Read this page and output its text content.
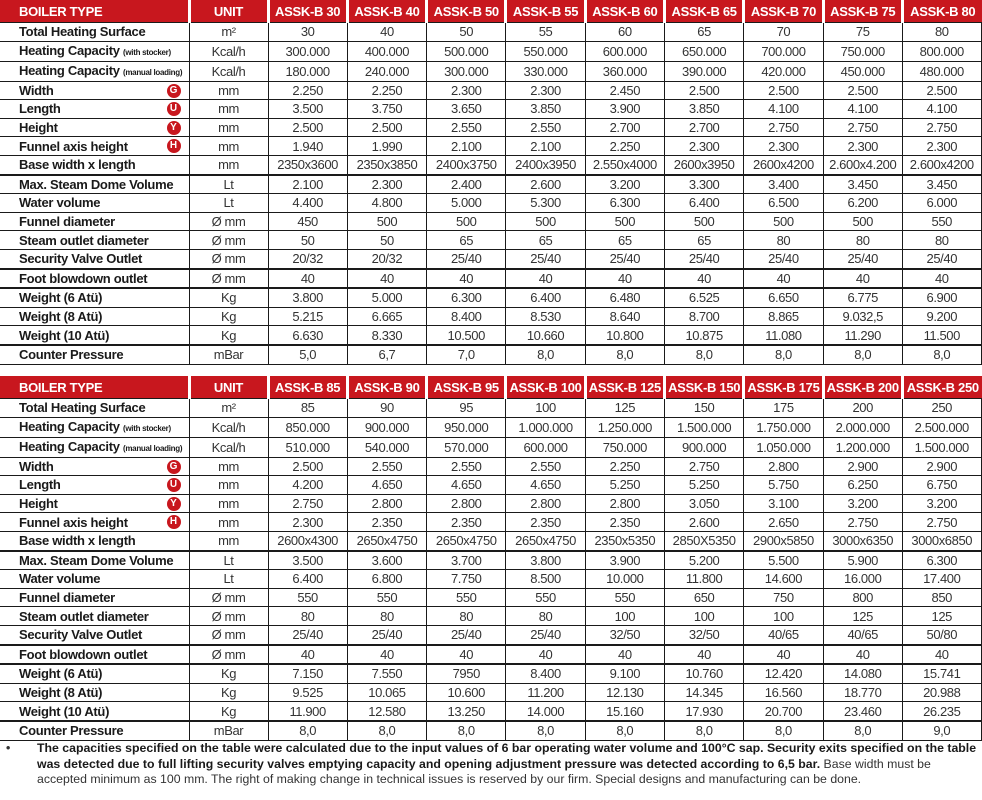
BOILER TYPE	UNIT	ASSK-B 30	ASSK-B 40	ASSK-B 50	ASSK-B 55	ASSK-B 60	ASSK-B 65	ASSK-B 70	ASSK-B 75	ASSK-B 80
Total Heating Surface	m²	30	40	50	55	60	65	70	75	80
Heating Capacity (with stocker)	Kcal/h	300.000	400.000	500.000	550.000	600.000	650.000	700.000	750.000	800.000
Heating Capacity (manual loading)	Kcal/h	180.000	240.000	300.000	330.000	360.000	390.000	420.000	450.000	480.000
Width G	mm	2.250	2.250	2.300	2.300	2.450	2.500	2.500	2.500	2.500
Length U	mm	3.500	3.750	3.650	3.850	3.900	3.850	4.100	4.100	4.100
Height Y	mm	2.500	2.500	2.550	2.550	2.700	2.700	2.750	2.750	2.750
Funnel axis height H	mm	1.940	1.990	2.100	2.100	2.250	2.300	2.300	2.300	2.300
Base width x length	mm	2350x3600	2350x3850	2400x3750	2400x3950	2.550x4000	2600x3950	2600x4200	2.600x4.200	2.600x4200
Max. Steam Dome Volume	Lt	2.100	2.300	2.400	2.600	3.200	3.300	3.400	3.450	3.450
Water volume	Lt	4.400	4.800	5.000	5.300	6.300	6.400	6.500	6.200	6.000
Funnel diameter	Ø mm	450	500	500	500	500	500	500	500	550
Steam outlet diameter	Ø mm	50	50	65	65	65	65	80	80	80
Security Valve Outlet	Ø mm	20/32	20/32	25/40	25/40	25/40	25/40	25/40	25/40	25/40
Foot blowdown outlet	Ø mm	40	40	40	40	40	40	40	40	40
Weight (6 Atü)	Kg	3.800	5.000	6.300	6.400	6.480	6.525	6.650	6.775	6.900
Weight (8 Atü)	Kg	5.215	6.665	8.400	8.530	8.640	8.700	8.865	9.032,5	9.200
Weight (10 Atü)	Kg	6.630	8.330	10.500	10.660	10.800	10.875	11.080	11.290	11.500
Counter Pressure	mBar	5,0	6,7	7,0	8,0	8,0	8,0	8,0	8,0	8,0
BOILER TYPE	UNIT	ASSK-B 85	ASSK-B 90	ASSK-B 95	ASSK-B 100	ASSK-B 125	ASSK-B 150	ASSK-B 175	ASSK-B 200	ASSK-B 250
Total Heating Surface	m²	85	90	95	100	125	150	175	200	250
Heating Capacity (with stocker)	Kcal/h	850.000	900.000	950.000	1.000.000	1.250.000	1.500.000	1.750.000	2.000.000	2.500.000
Heating Capacity (manual loading)	Kcal/h	510.000	540.000	570.000	600.000	750.000	900.000	1.050.000	1.200.000	1.500.000
Width G	mm	2.500	2.550	2.550	2.550	2.250	2.750	2.800	2.900	2.900
Length U	mm	4.200	4.650	4.650	4.650	5.250	5.250	5.750	6.250	6.750
Height Y	mm	2.750	2.800	2.800	2.800	2.800	3.050	3.100	3.200	3.200
Funnel axis height H	mm	2.300	2.350	2.350	2.350	2.350	2.600	2.650	2.750	2.750
Base width x length	mm	2600x4300	2650x4750	2650x4750	2650x4750	2350x5350	2850X5350	2900x5850	3000x6350	3000x6850
Max. Steam Dome Volume	Lt	3.500	3.600	3.700	3.800	3.900	5.200	5.500	5.900	6.300
Water volume	Lt	6.400	6.800	7.750	8.500	10.000	11.800	14.600	16.000	17.400
Funnel diameter	Ø mm	550	550	550	550	550	650	750	800	850
Steam outlet diameter	Ø mm	80	80	80	80	100	100	100	125	125
Security Valve Outlet	Ø mm	25/40	25/40	25/40	25/40	32/50	32/50	40/65	40/65	50/80
Foot blowdown outlet	Ø mm	40	40	40	40	40	40	40	40	40
Weight (6 Atü)	Kg	7.150	7.550	7950	8.400	9.100	10.760	12.420	14.080	15.741
Weight (8 Atü)	Kg	9.525	10.065	10.600	11.200	12.130	14.345	16.560	18.770	20.988
Weight (10 Atü)	Kg	11.900	12.580	13.250	14.000	15.160	17.930	20.700	23.460	26.235
Counter Pressure	mBar	8,0	8,0	8,0	8,0	8,0	8,0	8,0	8,0	9,0
• The capacities specified on the table were calculated due to the input values of 6 bar operating water volume and 100°C sap. Security exits specified on the table was detected due to full lifting security valves emptying capacity and opening adjustment pressure was detected according to 6,5 bar. Base width must be accepted minimum as 100 mm. The right of making change in technical issues is reserved by our firm. Special designs and manufacturing can be done.
